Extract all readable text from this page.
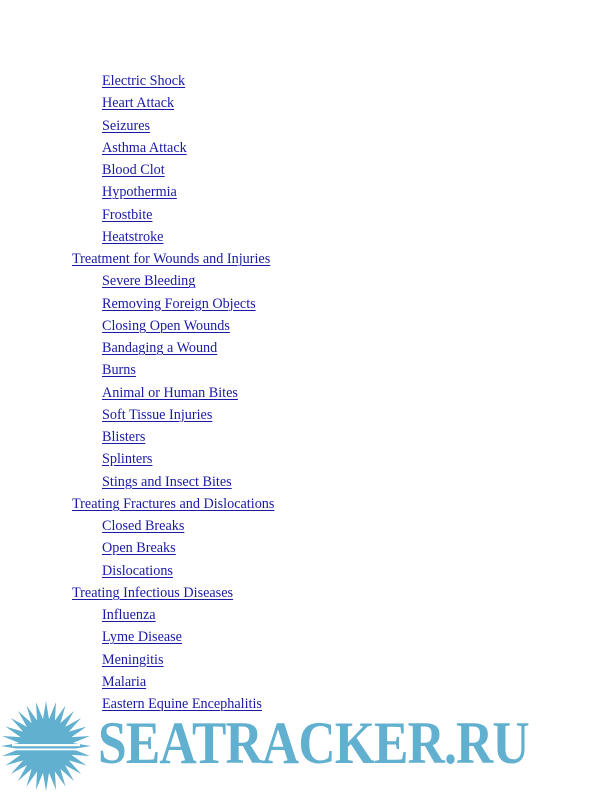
Electric Shock
Heart Attack
Seizures
Asthma Attack
Blood Clot
Hypothermia
Frostbite
Heatstroke
Treatment for Wounds and Injuries
Severe Bleeding
Removing Foreign Objects
Closing Open Wounds
Bandaging a Wound
Burns
Animal or Human Bites
Soft Tissue Injuries
Blisters
Splinters
Stings and Insect Bites
Treating Fractures and Dislocations
Closed Breaks
Open Breaks
Dislocations
Treating Infectious Diseases
Influenza
Lyme Disease
Meningitis
Malaria
Eastern Equine Encephalitis
SEATRACKER.RU
